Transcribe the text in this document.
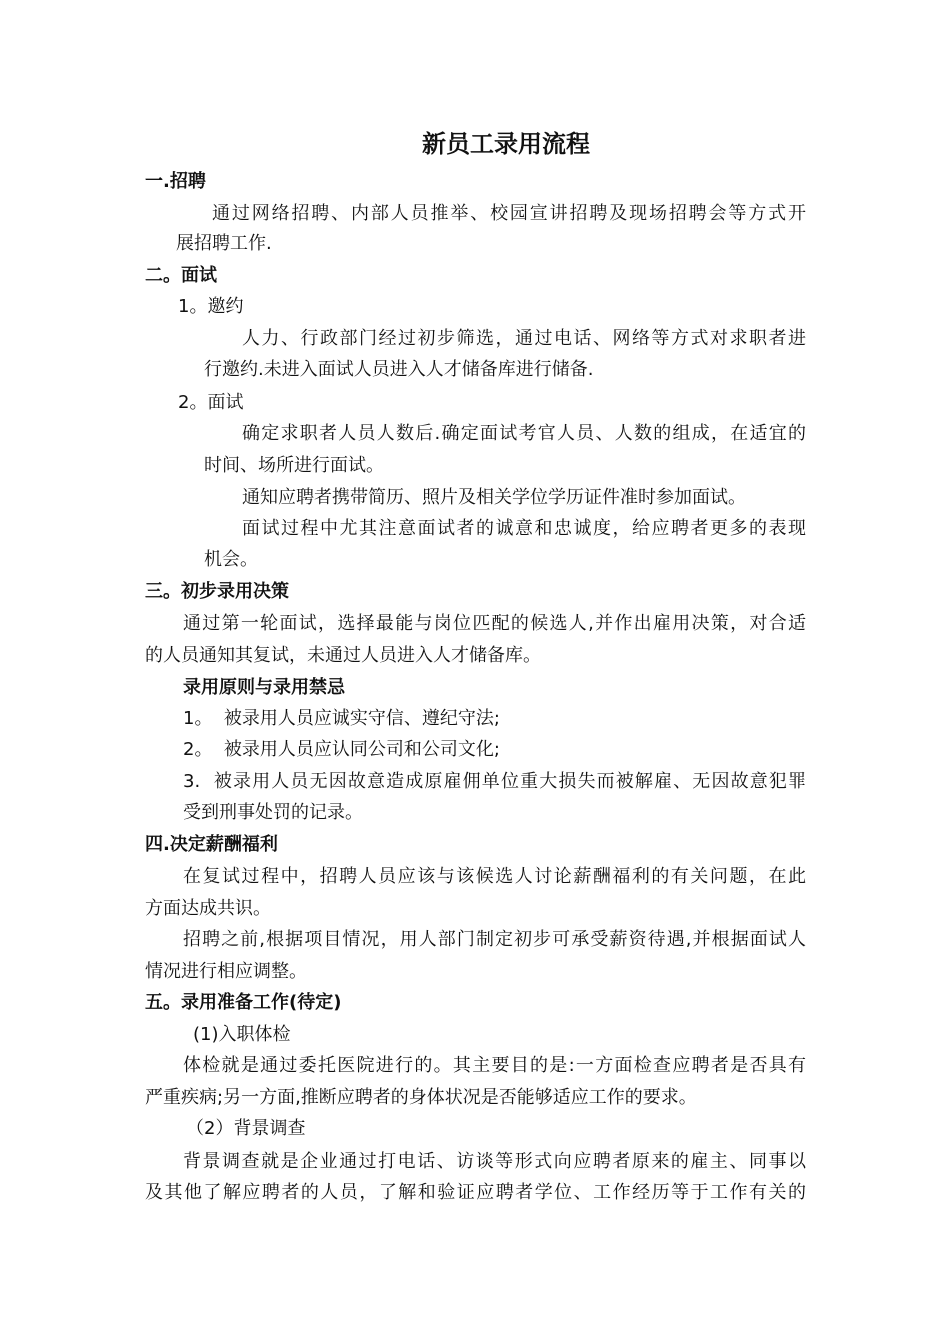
新员工录用流程
一.招聘
通过网络招聘、内部人员推举、校园宣讲招聘及现场招聘会等方式开
展招聘工作.
二。面试
1。邀约
人力、行政部门经过初步筛选，通过电话、网络等方式对求职者进
行邀约.未进入面试人员进入人才储备库进行储备.
2。面试
确定求职者人员人数后.确定面试考官人员、人数的组成，在适宜的
时间、场所进行面试。
通知应聘者携带简历、照片及相关学位学历证件准时参加面试。
面试过程中尤其注意面试者的诚意和忠诚度，给应聘者更多的表现
机会。
三。初步录用决策
通过第一轮面试，选择最能与岗位匹配的候选人,并作出雇用决策，对合适
的人员通知其复试，未通过人员进入人才储备库。
录用原则与录用禁忌
1。  被录用人员应诚实守信、遵纪守法;
2。  被录用人员应认同公司和公司文化;
3.  被录用人员无因故意造成原雇佣单位重大损失而被解雇、无因故意犯罪
受到刑事处罚的记录。
四.决定薪酬福利
在复试过程中，招聘人员应该与该候选人讨论薪酬福利的有关问题，在此
方面达成共识。
招聘之前,根据项目情况，用人部门制定初步可承受薪资待遇,并根据面试人
情况进行相应调整。
五。录用准备工作(待定)
(1)入职体检
体检就是通过委托医院进行的。其主要目的是:一方面检查应聘者是否具有
严重疾病;另一方面,推断应聘者的身体状况是否能够适应工作的要求。
（2）背景调查
背景调查就是企业通过打电话、访谈等形式向应聘者原来的雇主、同事以
及其他了解应聘者的人员，了解和验证应聘者学位、工作经历等于工作有关的
